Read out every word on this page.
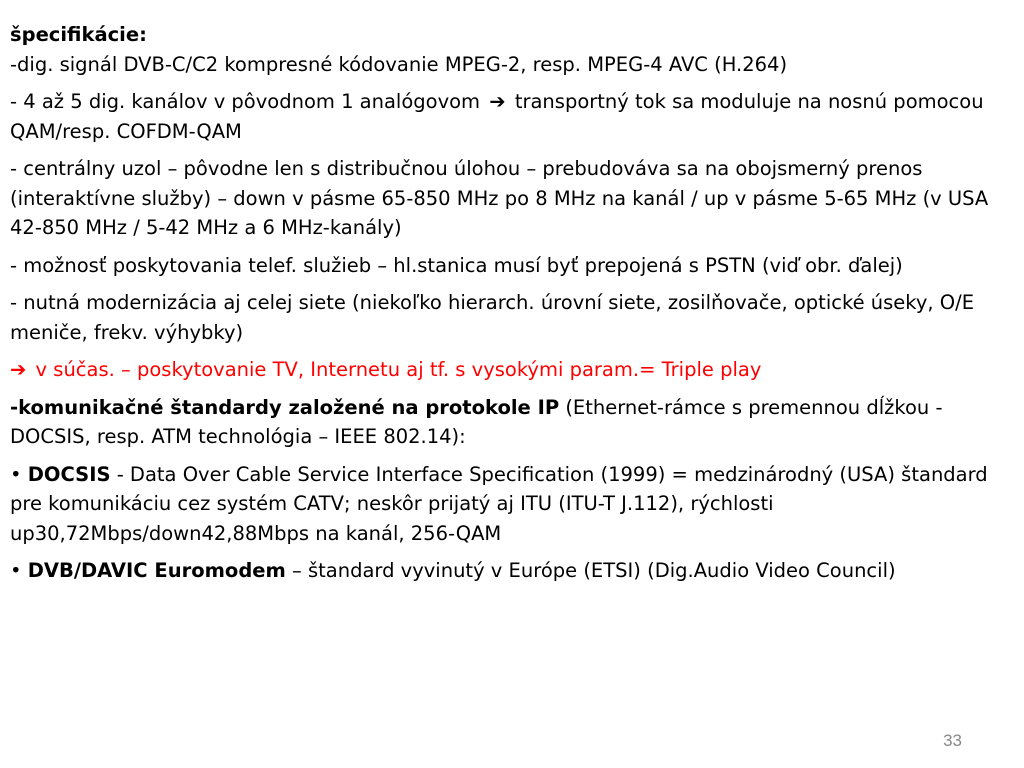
špecifikácie:

-dig. signál DVB-C/C2 kompresné kódovanie MPEG-2, resp. MPEG-4 AVC (H.264)

- 4 až 5 dig. kanálov v pôvodnom 1 analógovom ➔ transportný tok sa moduluje na nosnú pomocou QAM/resp. COFDM-QAM

- centrálny uzol – pôvodne len s distribučnou úlohou – prebudováva sa na obojsmerný prenos (interaktívne služby) – down v pásme 65-850 MHz po 8 MHz na kanál / up v pásme 5-65 MHz (v USA 42-850 MHz / 5-42 MHz a 6 MHz-kanály)

- možnosť poskytovania telef. služieb – hl.stanica musí byť prepojená s PSTN (viď obr. ďalej)

- nutná modernizácia aj celej siete (niekoľko hierarch. úrovní siete, zosilňovače, optické úseky, O/E meniče, frekv. výhybky)

➔ v súčas. – poskytovanie TV, Internetu aj tf. s vysokými param.= Triple play

-komunikačné štandardy založené na protokole IP (Ethernet-rámce s premennou dĺžkou - DOCSIS, resp. ATM technológia – IEEE 802.14):

• DOCSIS - Data Over Cable Service Interface Specification (1999) = medzinárodný (USA) štandard pre komunikáciu cez systém CATV; neskôr prijatý aj ITU (ITU-T J.112), rýchlosti up30,72Mbps/down42,88Mbps na kanál, 256-QAM

• DVB/DAVIC Euromodem – štandard vyvinutý v Európe (ETSI) (Dig.Audio Video Council)

33
